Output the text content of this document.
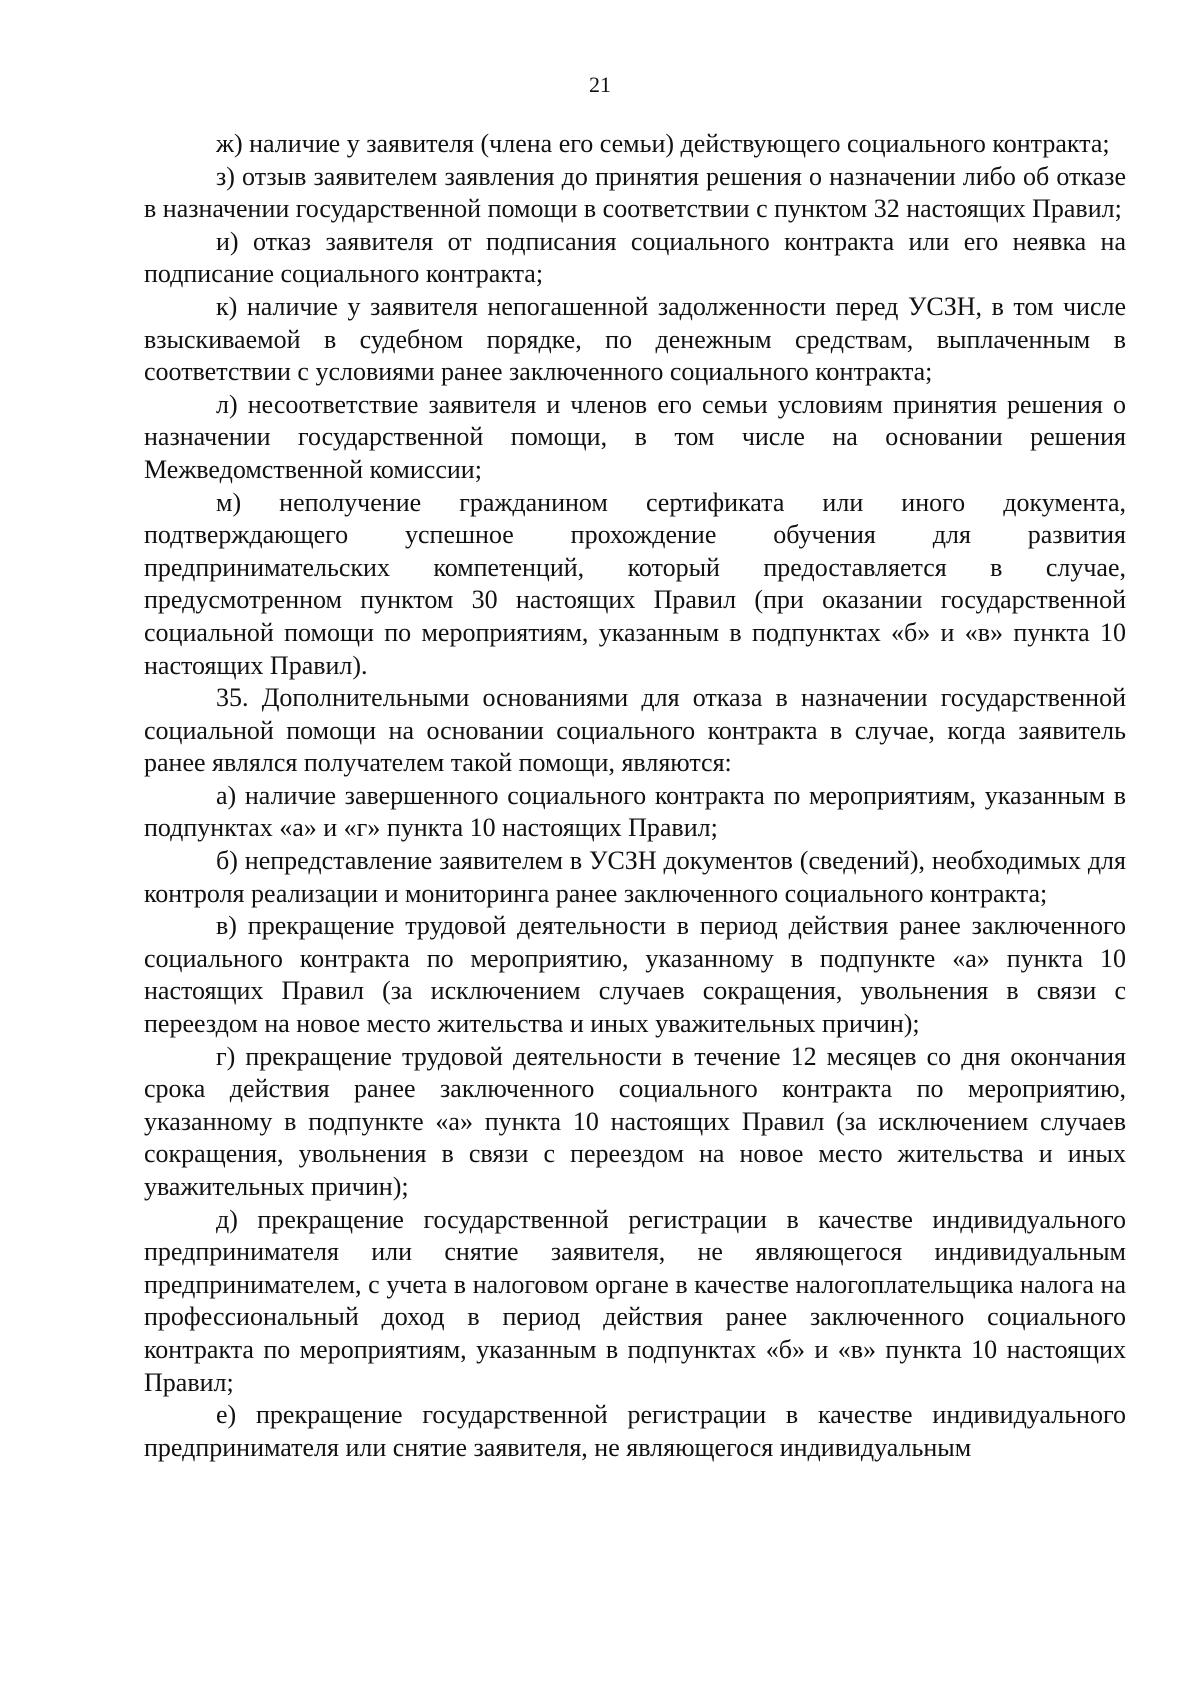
21

ж) наличие у заявителя (члена его семьи) действующего социального контракта;

з) отзыв заявителем заявления до принятия решения о назначении либо об отказе в назначении государственной помощи в соответствии с пунктом 32 настоящих Правил;

и) отказ заявителя от подписания социального контракта или его неявка на подписание социального контракта;

к) наличие у заявителя непогашенной задолженности перед УСЗН, в том числе взыскиваемой в судебном порядке, по денежным средствам, выплаченным в соответствии с условиями ранее заключенного социального контракта;

л) несоответствие заявителя и членов его семьи условиям принятия решения о назначении государственной помощи, в том числе на основании решения Межведомственной комиссии;

м) неполучение гражданином сертификата или иного документа, подтверждающего успешное прохождение обучения для развития предпринимательских компетенций, который предоставляется в случае, предусмотренном пунктом 30 настоящих Правил (при оказании государственной социальной помощи по мероприятиям, указанным в подпунктах «б» и «в» пункта 10 настоящих Правил).

35. Дополнительными основаниями для отказа в назначении государственной социальной помощи на основании социального контракта в случае, когда заявитель ранее являлся получателем такой помощи, являются:

а) наличие завершенного социального контракта по мероприятиям, указанным в подпунктах «а» и «г» пункта 10 настоящих Правил;

б) непредставление заявителем в УСЗН документов (сведений), необходимых для контроля реализации и мониторинга ранее заключенного социального контракта;

в) прекращение трудовой деятельности в период действия ранее заключенного социального контракта по мероприятию, указанному в подпункте «а» пункта 10 настоящих Правил (за исключением случаев сокращения, увольнения в связи с переездом на новое место жительства и иных уважительных причин);

г) прекращение трудовой деятельности в течение 12 месяцев со дня окончания срока действия ранее заключенного социального контракта по мероприятию, указанному в подпункте «а» пункта 10 настоящих Правил (за исключением случаев сокращения, увольнения в связи с переездом на новое место жительства и иных уважительных причин);

д) прекращение государственной регистрации в качестве индивидуального предпринимателя или снятие заявителя, не являющегося индивидуальным предпринимателем, с учета в налоговом органе в качестве налогоплательщика налога на профессиональный доход в период действия ранее заключенного социального контракта по мероприятиям, указанным в подпунктах «б» и «в» пункта 10 настоящих Правил;

е) прекращение государственной регистрации в качестве индивидуального предпринимателя или снятие заявителя, не являющегося индивидуальным
